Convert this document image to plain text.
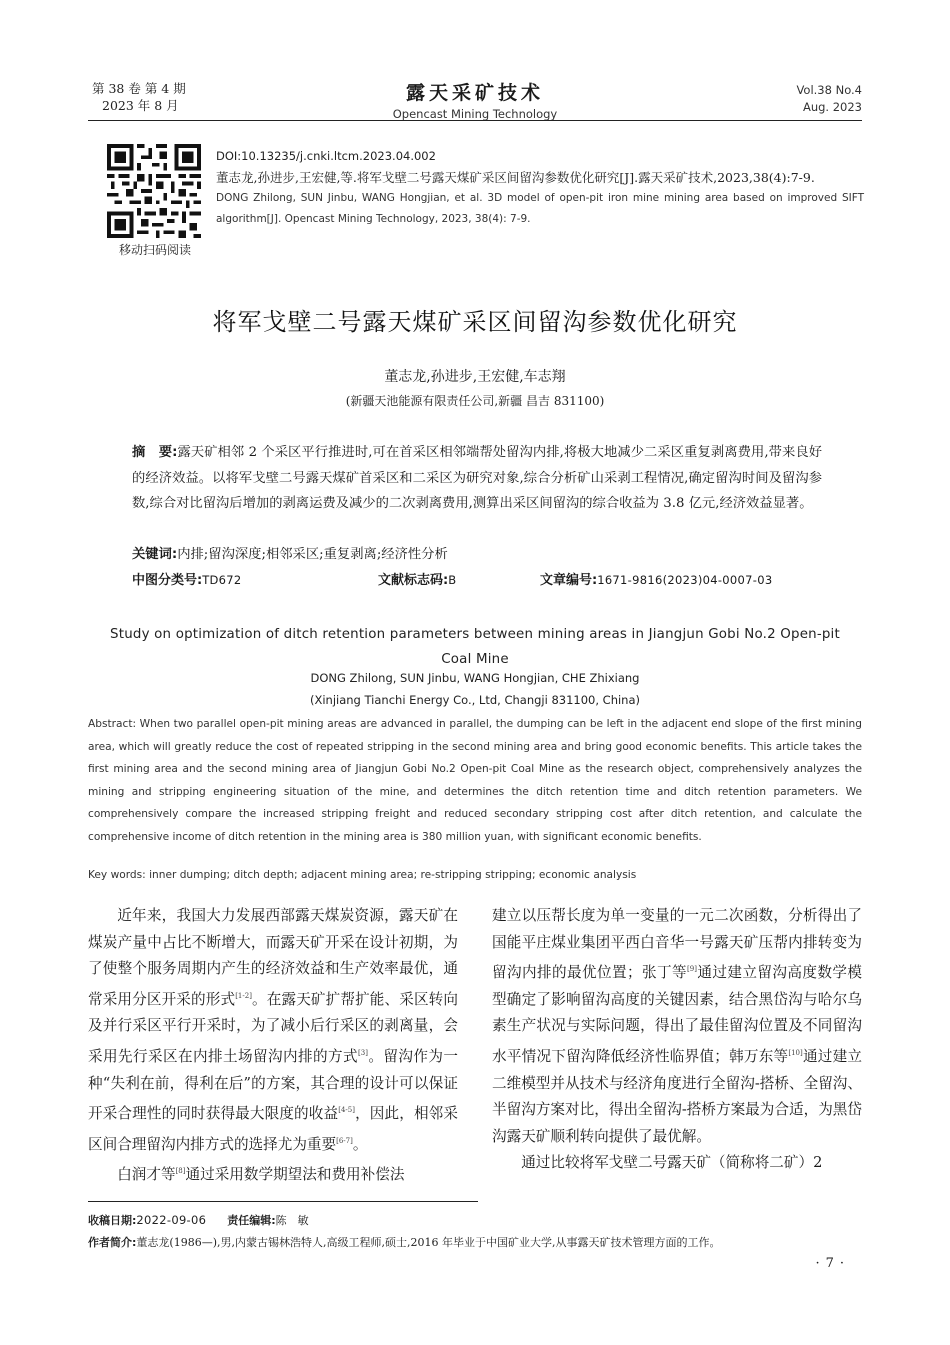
第 38 卷 第 4 期
2023 年 8 月
露天采矿技术
Opencast Mining Technology
Vol.38 No.4
Aug. 2023
移动扫码阅读
DOI:10.13235/j.cnki.ltcm.2023.04.002
董志龙,孙进步,王宏健,等.将军戈壁二号露天煤矿采区间留沟参数优化研究[J].露天采矿技术,2023,38(4):7-9.
DONG Zhilong, SUN Jinbu, WANG Hongjian, et al. 3D model of open-pit iron mine mining area based on improved SIFT algorithm[J]. Opencast Mining Technology, 2023, 38(4): 7-9.
将军戈壁二号露天煤矿采区间留沟参数优化研究
董志龙,孙进步,王宏健,车志翔
(新疆天池能源有限责任公司,新疆 昌吉 831100)
摘　要:露天矿相邻 2 个采区平行推进时,可在首采区相邻端帮处留沟内排,将极大地减少二采区重复剥离费用,带来良好的经济效益。以将军戈壁二号露天煤矿首采区和二采区为研究对象,综合分析矿山采剥工程情况,确定留沟时间及留沟参数,综合对比留沟后增加的剥离运费及减少的二次剥离费用,测算出采区间留沟的综合收益为 3.8 亿元,经济效益显著。
关键词:内排;留沟深度;相邻采区;重复剥离;经济性分析
中图分类号:TD672	文献标志码:B	文章编号:1671-9816(2023)04-0007-03
Study on optimization of ditch retention parameters between mining areas in Jiangjun Gobi No.2 Open-pit Coal Mine
DONG Zhilong, SUN Jinbu, WANG Hongjian, CHE Zhixiang
(Xinjiang Tianchi Energy Co., Ltd, Changji 831100, China)
Abstract: When two parallel open-pit mining areas are advanced in parallel, the dumping can be left in the adjacent end slope of the first mining area, which will greatly reduce the cost of repeated stripping in the second mining area and bring good economic benefits. This article takes the first mining area and the second mining area of Jiangjun Gobi No.2 Open-pit Coal Mine as the research object, comprehensively analyzes the mining and stripping engineering situation of the mine, and determines the ditch retention time and ditch retention parameters. We comprehensively compare the increased stripping freight and reduced secondary stripping cost after ditch retention, and calculate the comprehensive income of ditch retention in the mining area is 380 million yuan, with significant economic benefits.
Key words: inner dumping; ditch depth; adjacent mining area; re-stripping stripping; economic analysis

近年来，我国大力发展西部露天煤炭资源，露天矿在煤炭产量中占比不断增大，而露天矿开采在设计初期，为了使整个服务周期内产生的经济效益和生产效率最优，通常采用分区开采的形式[1-2]。在露天矿扩帮扩能、采区转向及并行采区平行开采时，为了减小后行采区的剥离量，会采用先行采区在内排土场留沟内排的方式[3]。留沟作为一种“失利在前，得利在后”的方案，其合理的设计可以保证开采合理性的同时获得最大限度的收益[4-5]，因此，相邻采区间合理留沟内排方式的选择尤为重要[6-7]。

白润才等[8]通过采用数学期望法和费用补偿法

建立以压帮长度为单一变量的一元二次函数，分析得出了国能平庄煤业集团平西白音华一号露天矿压帮内排转变为留沟内排的最优位置；张丁等[9]通过建立留沟高度数学模型确定了影响留沟高度的关键因素，结合黑岱沟与哈尔乌素生产状况与实际问题，得出了最佳留沟位置及不同留沟水平情况下留沟降低经济性临界值；韩万东等[10]通过建立二维模型并从技术与经济角度进行全留沟-搭桥、全留沟、半留沟方案对比，得出全留沟-搭桥方案最为合适，为黑岱沟露天矿顺利转向提供了最优解。

通过比较将军戈壁二号露天矿（简称将二矿）2

收稿日期:2022-09-06 责任编辑:陈　敏
作者简介:董志龙(1986—),男,内蒙古锡林浩特人,高级工程师,硕士,2016 年毕业于中国矿业大学,从事露天矿技术管理方面的工作。
·7·
